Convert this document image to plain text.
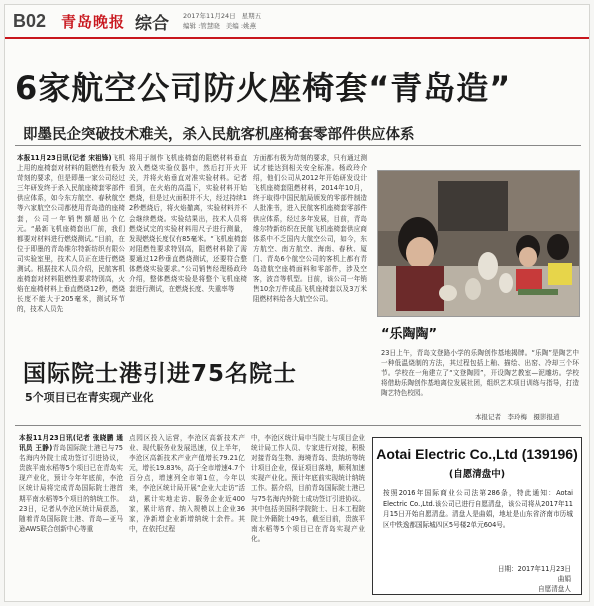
B02 青岛晚报 综合 2017年11月24日 星期五
编辑 :管慧晓 美编 :姚燕
6家航空公司防火座椅套“青岛造”
即墨民企突破技术难关，杀入民航客机座椅套零部件供应体系
本报11月23日讯(记者 宋祖锋)飞机上用的座椅套对材料的阻燃性有极为苛刻的要求，但是即墨一家公司经过三年研发终于杀入民航座椅套零部件供应体系，如今东方航空、春秋航空等六家航空公司都使用青岛造的座椅套，公司一年销售额超出个亿元。“最新飞机座椅套出厂前，我们都要对材料进行燃烧测试。”目前，在位于即墨的青岛维尔特新纺织有限公司实验室里，技术人员正在进行燃烧测试。根据技术人员介绍，民航客机座椅套对材料阻燃性要求特别高，火焰在座椅材料上垂直燃烧12秒，燃烧长度不能大于205毫米，测试环节的，技术人员先
将用于制作飞机座椅套的阻燃材料垂直放入燃烧实验仪器中，然后打开火开关，并将火焰垂直对准实验材料。记者看到，在火焰的高温下，实验材料开始燃烧，但是过火面积并不大，经过持续12秒燃烧后，将火焰撤离，实验材料并不会继续燃烧。实验结果出，技术人员将燃烧试完的实验材料用尺子进行测量，发现燃烧长度仅有85毫米。“飞机座椅套对阻燃性要求特别高，阻燃材料除了需要通过12秒垂直燃烧测试，还要符合整体燃烧实验要求。”公司销售经理杨政玲介绍，整体燃烧实验是将整个飞机座椅套进行测试，在燃烧长度、失重率等
方面都有极为苛刻的要求，只有通过测试才能达到相关安全标准。杨政玲介绍，他们公司从2012年开始研发设计飞机座椅套阻燃材料，2014年10月，终于取得中国民航局颁发的零部件制造人批准书，进入民航客机座椅套零部件供应体系，经过多年发展，目前，青岛维尔特新纺织在民航飞机座椅套供应商体系中不乏国内大航空公司，如今，东方航空、南方航空、海南、春秋、厦门、青岛6个航空公司的客机上都有青岛造航空座椅面料和零部件，涉及空客，波音等机型。目前，该公司一年销售10余万件成品飞机座椅套以及3万米阻燃材料给各大航空公司。
“乐陶陶”
23日上午，青岛文登路小学的乐陶创作基地揭牌。“乐陶”是陶艺中一种低温烧制的方法，其过程包括上釉、描绘、出窑、冷却三个环节。学校在一角建立了“文登陶园”，开设陶艺教室—泥雕坊。学校将借助乐陶创作基地离位发展社团，组织艺术项目训练与指导，打造陶艺特色校园。
本报记者　李玲梅　摄影报道
国际院士港引进75名院士
5个项目已在青实现产业化
本报11月23日讯(记者 张晓鹏 通讯员 王静)青岛国际院士港已与75名海内外院士成功签订引进协议，贵族平南水稻等5个项目已在青岛实现产业化，预计今年年底前，李沧区统计局将完成青岛国际院士港首期平南水稻等5个项目的纳统工作。23日，记者从李沧区统计局获悉，随着青岛国际院士港、青岛—亚马逊AWS联合创新中心等重
点园区投入运营，李沧区高新技术产业、现代服务业发展迅速，仅上半年，李沧区高新技术产业产值增长79.21亿元，增长19.83%，高于全市增速4.7个百分点，增速列全市第1位，今年以来，李沧区统计局开展“企业大走访”活动，累计实地走访、服务企业近400家，累计培育、纳入规模以上企业36家，净新增企业新增纳统十余件。其中，在依托过程
中，李沧区统计局申当院士与项目企业统计局工作人员、专家进行对接，积极对接青岛生物、海境青岛、贵纳坊等统计项目企业，保证项目落地，顺利加速实现产业化。预计年底前实现统计纳统工作。据介绍，目前青岛国际院士港已与75名海内外院士成功签订引进协议。其中包括美国科学院院士、日本工程院院士外籍院士49名，截至目前，贵族平南水稻等5个项目已在青岛实现产业化。
Aotai Electric Co.,Ltd (139196)
(自愿清盘中)
按照2016年国际商业公司法第286条，特此通知：Aotai Electric Co.,Ltd.该公司已进行自愿清盘，该公司将从2017年11月15日开始自愿清盘。清盘人是曲娟，地址是山东省济南市历城区中铁逸都国际城四区5号楼2单元604号。
日期：2017年11月23日
曲娟
自愿清盘人
